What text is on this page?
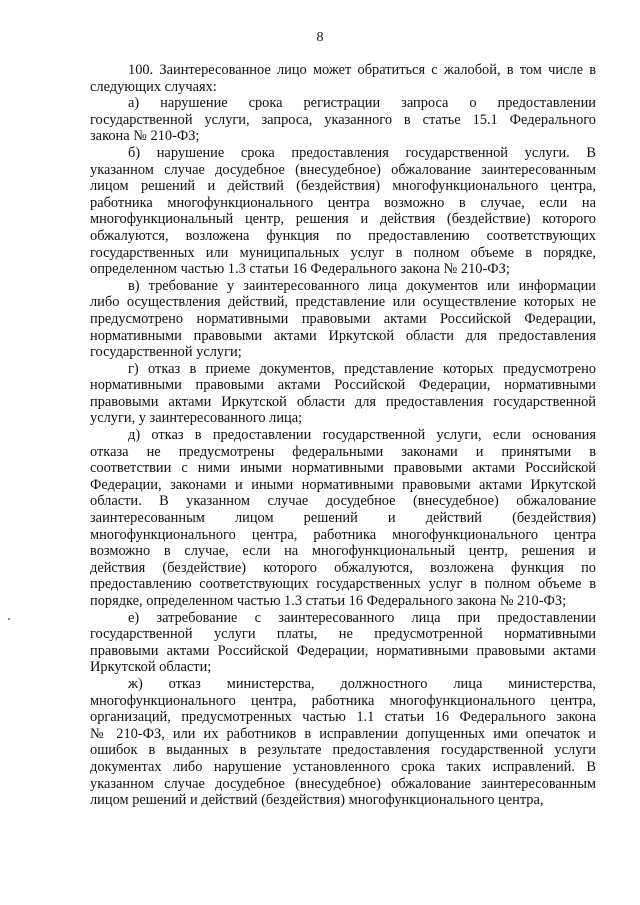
8
100. Заинтересованное лицо может обратиться с жалобой, в том числе в
следующих случаях:
а) нарушение срока регистрации запроса о предоставлении
государственной услуги, запроса, указанного в статье 15.1 Федерального
закона № 210-ФЗ;
б) нарушение срока предоставления государственной услуги. В
указанном случае досудебное (внесудебное) обжалование заинтересованным
лицом решений и действий (бездействия) многофункционального центра,
работника многофункционального центра возможно в случае, если на
многофункциональный центр, решения и действия (бездействие) которого
обжалуются, возложена функция по предоставлению соответствующих
государственных или муниципальных услуг в полном объеме в порядке,
определенном частью 1.3 статьи 16 Федерального закона № 210-ФЗ;
в) требование у заинтересованного лица документов или информации
либо осуществления действий, представление или осуществление которых не
предусмотрено нормативными правовыми актами Российской Федерации,
нормативными правовыми актами Иркутской области для предоставления
государственной услуги;
г) отказ в приеме документов, представление которых предусмотрено
нормативными правовыми актами Российской Федерации, нормативными
правовыми актами Иркутской области для предоставления государственной
услуги, у заинтересованного лица;
д) отказ в предоставлении государственной услуги, если основания
отказа не предусмотрены федеральными законами и принятыми в
соответствии с ними иными нормативными правовыми актами Российской
Федерации, законами и иными нормативными правовыми актами Иркутской
области. В указанном случае досудебное (внесудебное) обжалование
заинтересованным лицом решений и действий (бездействия)
многофункционального центра, работника многофункционального центра
возможно в случае, если на многофункциональный центр, решения и
действия (бездействие) которого обжалуются, возложена функция по
предоставлению соответствующих государственных услуг в полном объеме в
порядке, определенном частью 1.3 статьи 16 Федерального закона № 210-ФЗ;
е) затребование с заинтересованного лица при предоставлении
государственной услуги платы, не предусмотренной нормативными
правовыми актами Российской Федерации, нормативными правовыми актами
Иркутской области;
ж) отказ министерства, должностного лица министерства,
многофункционального центра, работника многофункционального центра,
организаций, предусмотренных частью 1.1 статьи 16 Федерального закона
№ 210-ФЗ, или их работников в исправлении допущенных ими опечаток и
ошибок в выданных в результате предоставления государственной услуги
документах либо нарушение установленного срока таких исправлений. В
указанном случае досудебное (внесудебное) обжалование заинтересованным
лицом решений и действий (бездействия) многофункционального центра,
